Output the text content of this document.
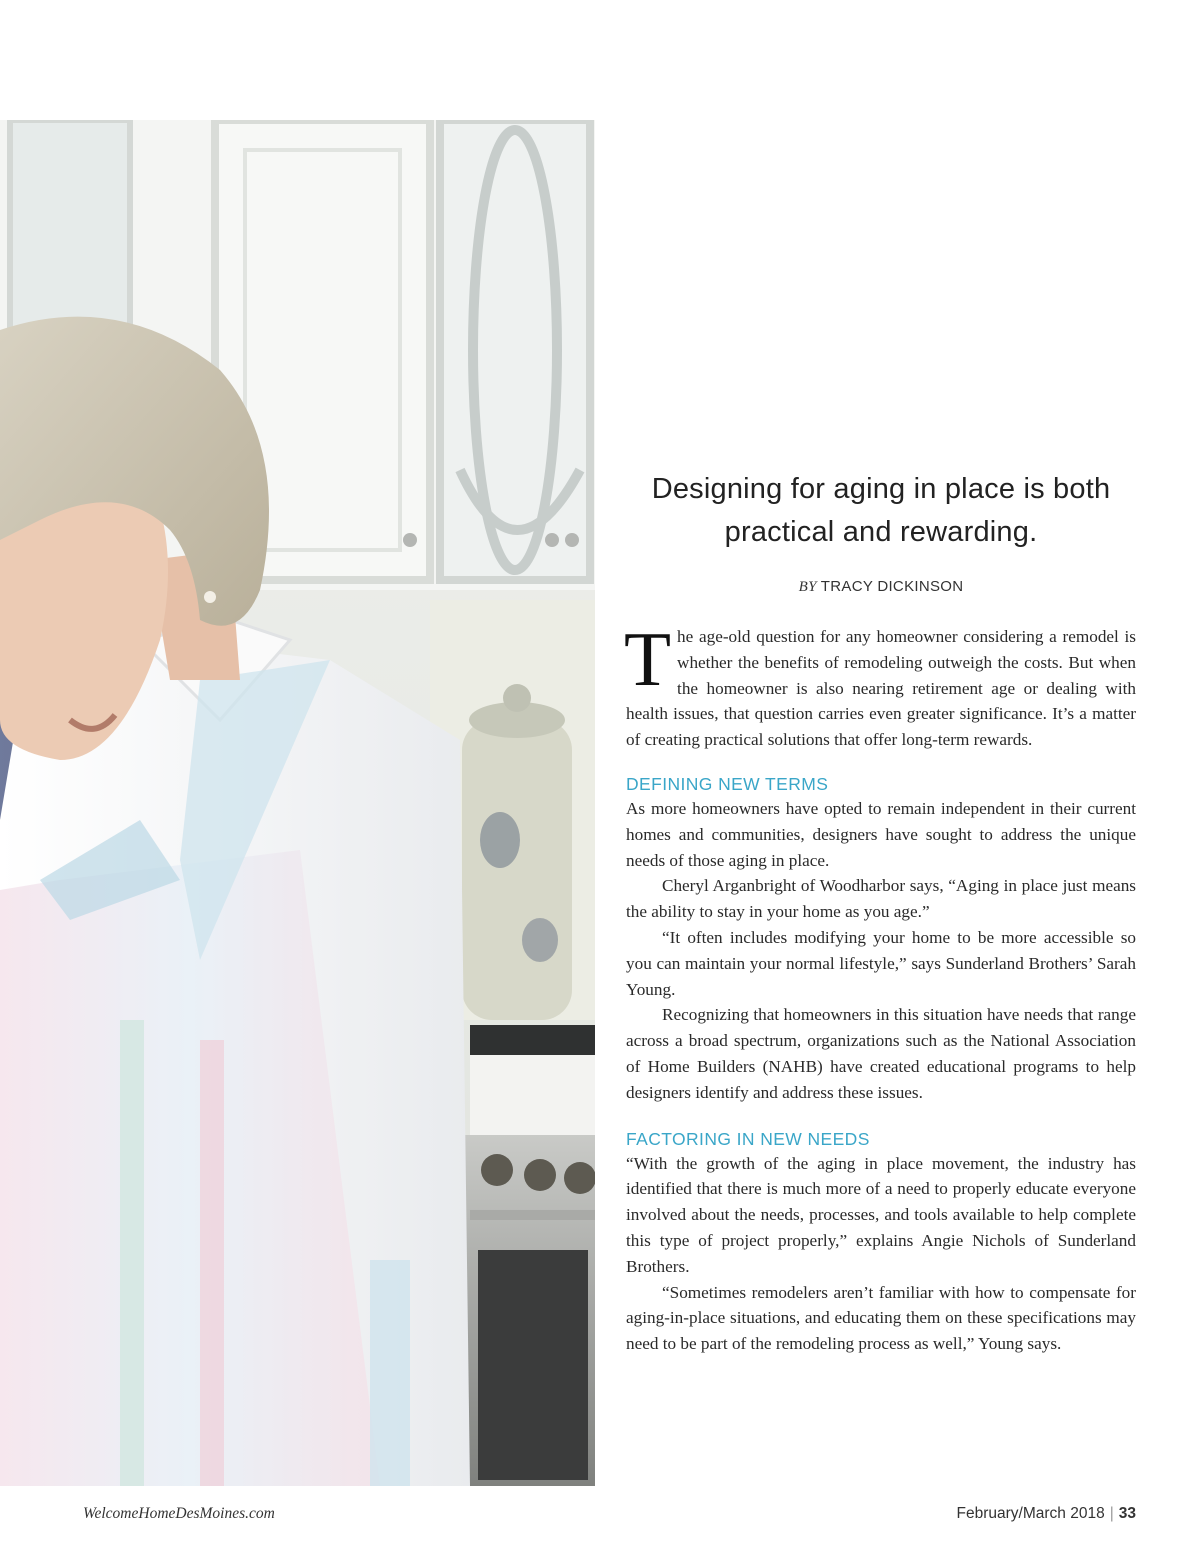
Designing for aging in place is both
practical and rewarding.
BY TRACY DICKINSON

The age-old question for any homeowner considering a remodel is whether the benefits of remodeling outweigh the costs. But when the homeowner is also nearing retirement age or dealing with health issues, that question carries even greater significance. It’s a matter of creating practical solutions that offer long-term rewards.

DEFINING NEW TERMS

As more homeowners have opted to remain independent in their current homes and communities, designers have sought to address the unique needs of those aging in place.

Cheryl Arganbright of Woodharbor says, “Aging in place just means the ability to stay in your home as you age.”

“It often includes modifying your home to be more accessible so you can maintain your normal lifestyle,” says Sunderland Brothers’ Sarah Young.

Recognizing that homeowners in this situation have needs that range across a broad spectrum, organizations such as the National Association of Home Builders (NAHB) have created educational programs to help designers identify and address these issues.

FACTORING IN NEW NEEDS

“With the growth of the aging in place movement, the industry has identified that there is much more of a need to properly educate everyone involved about the needs, processes, and tools available to help complete this type of project properly,” explains Angie Nichols of Sunderland Brothers.

“Sometimes remodelers aren’t familiar with how to compensate for aging-in-place situations, and educating them on these specifications may need to be part of the remodeling process as well,” Young says.

WelcomeHomeDesMoines.com	February/March 2018 | 33
